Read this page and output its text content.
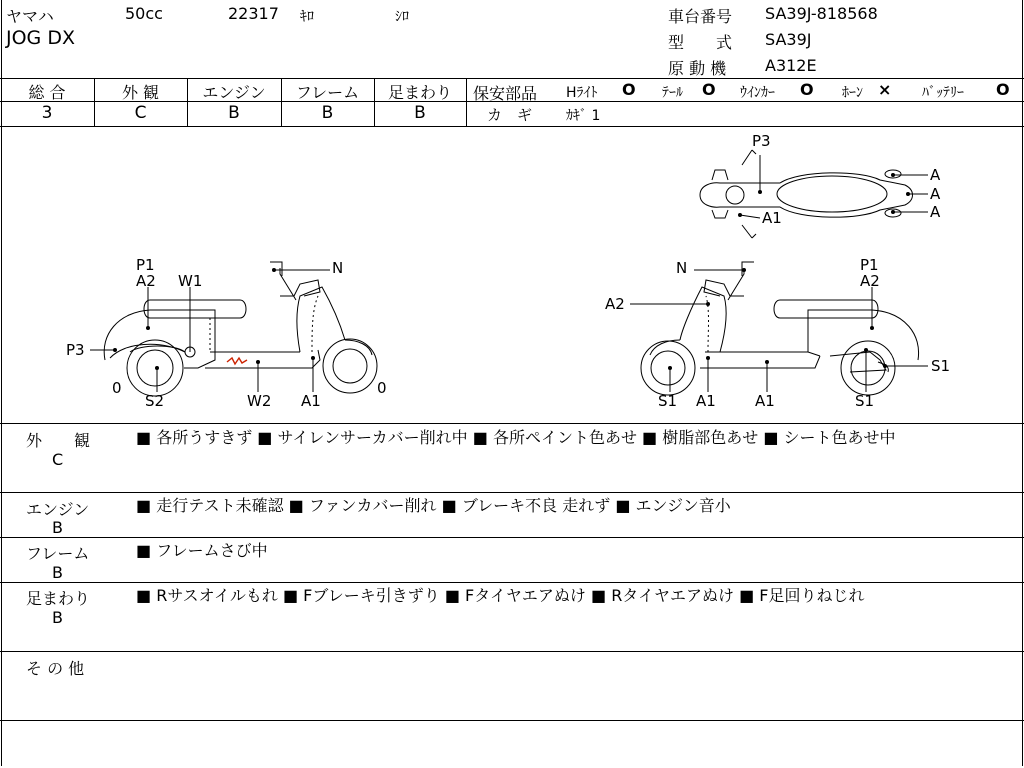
ヤマハ	50cc	22317 ｷﾛ	ｼﾛ
JOG DX
車台番号 SA39J-818568
型　　式 SA39J
原 動 機 A312E
総 合	外 観	エンジン	フレーム	足まわり
3	C	B	B	B
保安部品 Hﾗｲﾄ O ﾃｰﾙ O ｳｲﾝｶｰ O ﾎｰﾝ × ﾊﾞｯﾃﾘｰ O
カ　ギ ｶｷﾞ 1
P1
A2 W1
N
P3
0
S2	W2 A1
0
N	P1
A2
A2
S1
S1 A1	A1	S1
P3
A
A
A
A1
外　　観
C
■ 各所うすきず ■ サイレンサーカバー削れ中 ■ 各所ペイント色あせ ■ 樹脂部色あせ ■ シート色あせ中
エンジン
B
■ 走行テスト未確認 ■ ファンカバー削れ ■ ブレーキ不良 走れず ■ エンジン音小
フレーム
B
■ フレームさび中
足まわり
B
■ Rサスオイルもれ ■ Fブレーキ引きずり ■ Fタイヤエアぬけ ■ Rタイヤエアぬけ ■ F足回りねじれ
そ の 他
